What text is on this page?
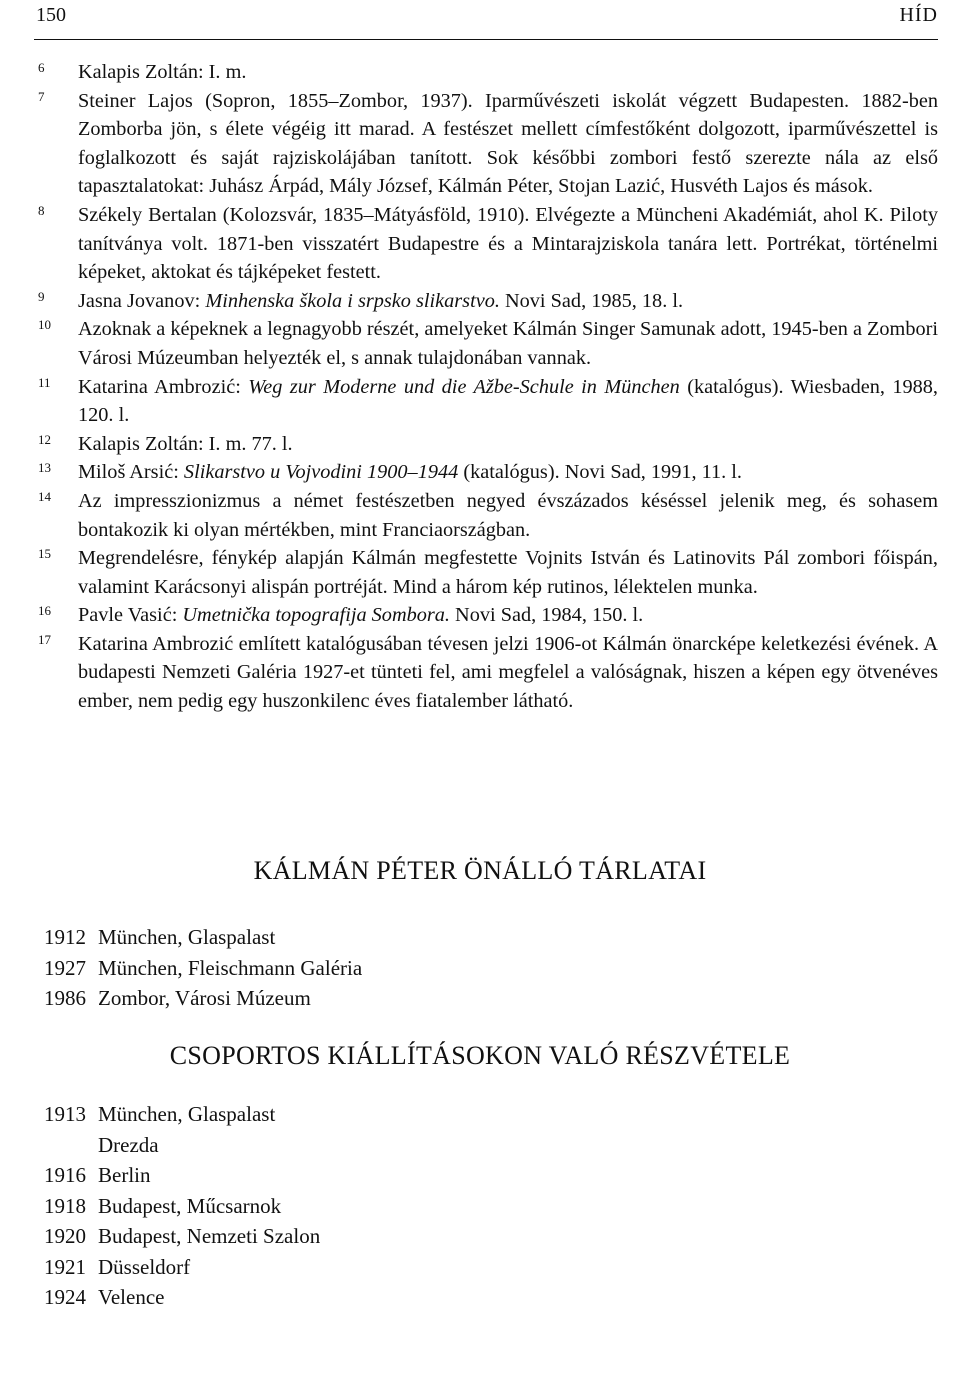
150	HÍD
6	Kalapis Zoltán: I. m.
7	Steiner Lajos (Sopron, 1855–Zombor, 1937). Iparművészeti iskolát végzett Budapesten. 1882-ben Zomborba jön, s élete végéig itt marad. A festészet mellett címfestőként dolgozott, iparművészettel is foglalkozott és saját rajziskolájában tanított. Sok későbbi zombori festő szerezte nála az első tapasztalatokat: Juhász Árpád, Mály József, Kálmán Péter, Stojan Lazić, Husvéth Lajos és mások.
8	Székely Bertalan (Kolozsvár, 1835–Mátyásföld, 1910). Elvégezte a Müncheni Akadémiát, ahol K. Piloty tanítványa volt. 1871-ben visszatért Budapestre és a Mintarajziskola tanára lett. Portrékat, történelmi képeket, aktokat és tájképeket festett.
9	Jasna Jovanov: Minhenska škola i srpsko slikarstvo. Novi Sad, 1985, 18. l.
10	Azoknak a képeknek a legnagyobb részét, amelyeket Kálmán Singer Samunak adott, 1945-ben a Zombori Városi Múzeumban helyezték el, s annak tulajdonában vannak.
11	Katarina Ambrozić: Weg zur Moderne und die Ažbe-Schule in München (katalógus). Wiesbaden, 1988, 120. l.
12	Kalapis Zoltán: I. m. 77. l.
13	Miloš Arsić: Slikarstvo u Vojvodini 1900–1944 (katalógus). Novi Sad, 1991, 11. l.
14	Az impresszionizmus a német festészetben negyed évszázados késéssel jelenik meg, és sohasem bontakozik ki olyan mértékben, mint Franciaországban.
15	Megrendelésre, fénykép alapján Kálmán megfestette Vojnits István és Latinovits Pál zombori főispán, valamint Karácsonyi alispán portréját. Mind a három kép rutinos, lélektelen munka.
16	Pavle Vasić: Umetnička topografija Sombora. Novi Sad, 1984, 150. l.
17	Katarina Ambrozić említett katalógusában tévesen jelzi 1906-ot Kálmán önarcképe keletkezési évének. A budapesti Nemzeti Galéria 1927-et tünteti fel, ami megfelel a valóságnak, hiszen a képen egy ötvenéves ember, nem pedig egy huszonkilenc éves fiatalember látható.
KÁLMÁN PÉTER ÖNÁLLÓ TÁRLATAI
1912 München, Glaspalast
1927 München, Fleischmann Galéria
1986 Zombor, Városi Múzeum
CSOPORTOS KIÁLLÍTÁSOKON VALÓ RÉSZVÉTELE
1913 München, Glaspalast
Drezda
1916 Berlin
1918 Budapest, Műcsarnok
1920 Budapest, Nemzeti Szalon
1921 Düsseldorf
1924 Velence
